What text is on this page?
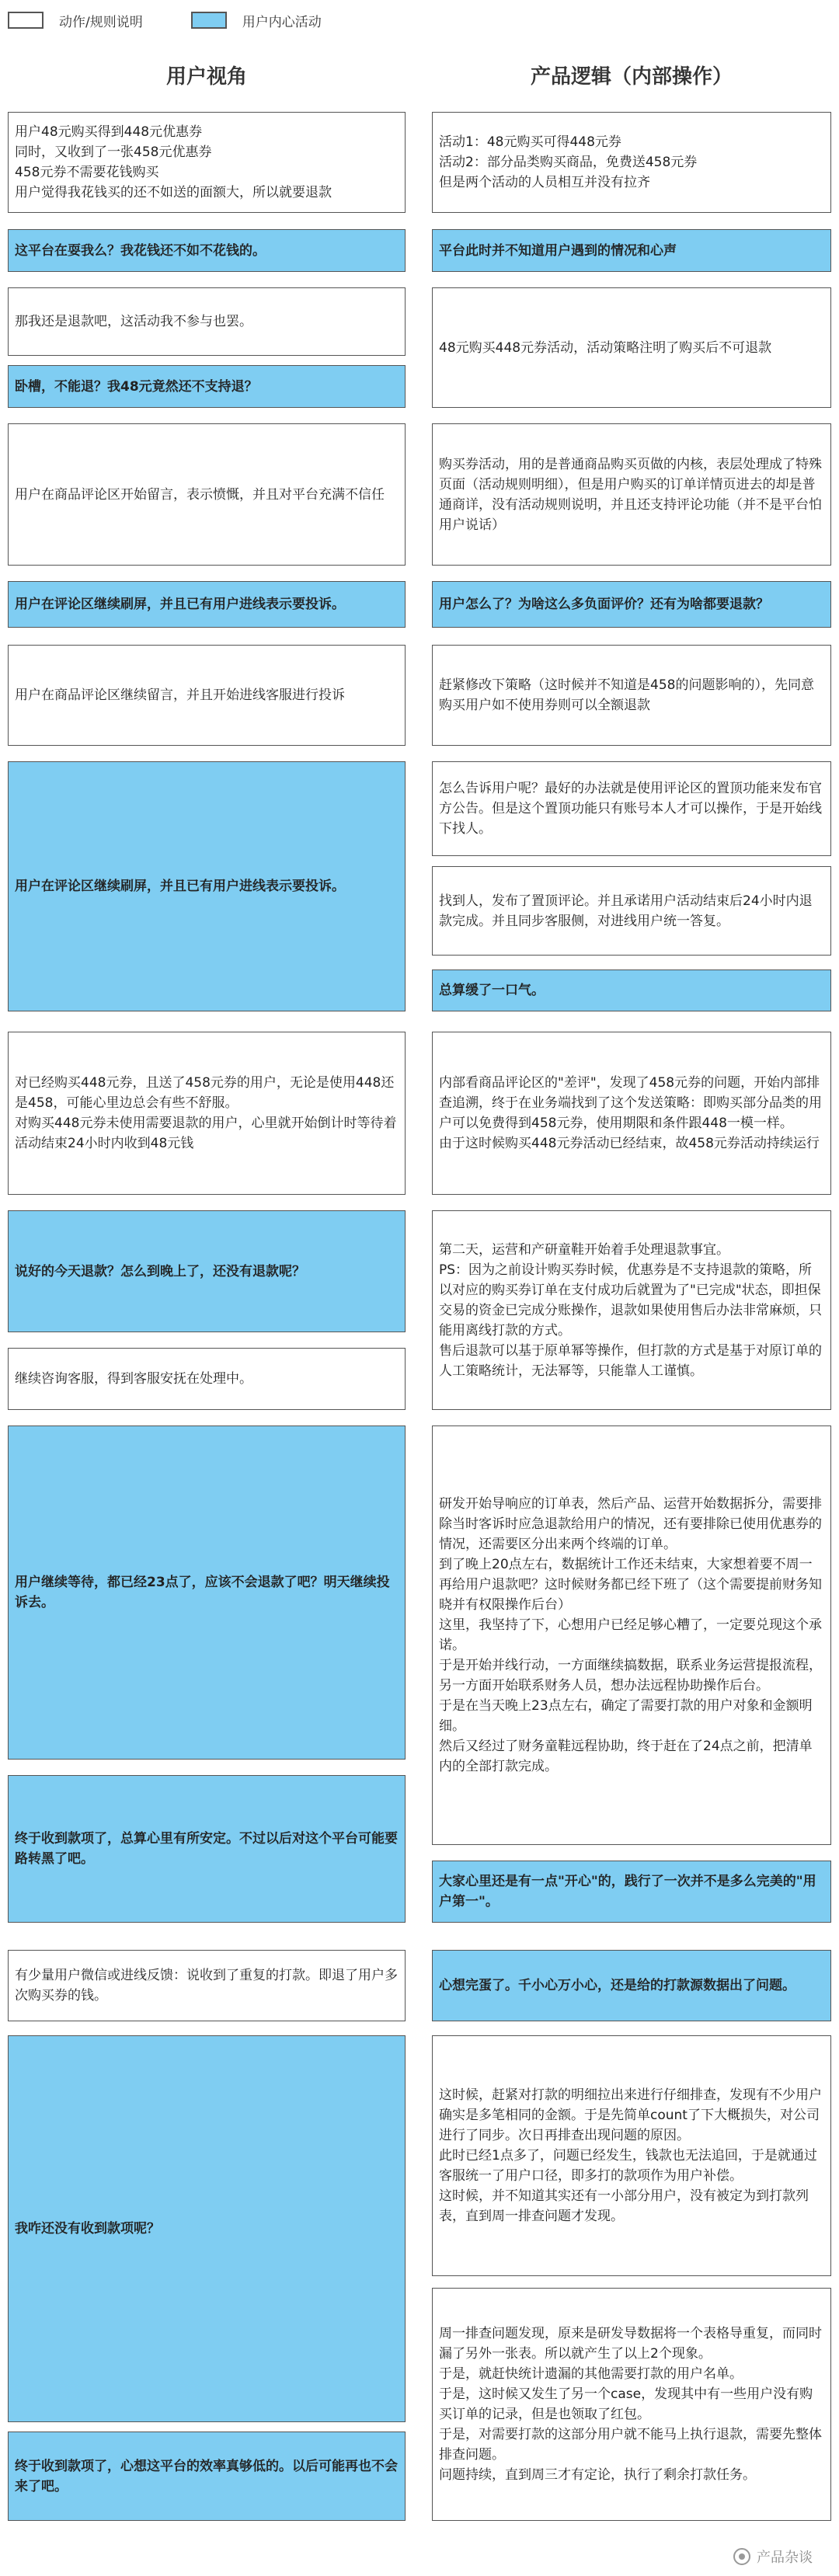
动作/规则说明	用户内心活动
用户视角	产品逻辑（内部操作）
用户48元购买得到448元优惠券
同时，又收到了一张458元优惠券
458元券不需要花钱购买
用户觉得我花钱买的还不如送的面额大，所以就要退款
这平台在耍我么？我花钱还不如不花钱的。
那我还是退款吧，这活动我不参与也罢。
卧槽，不能退？我48元竟然还不支持退？
用户在商品评论区开始留言，表示愤慨，并且对平台充满不信任
用户在评论区继续刷屏，并且已有用户进线表示要投诉。
用户在商品评论区继续留言，并且开始进线客服进行投诉
用户在评论区继续刷屏，并且已有用户进线表示要投诉。
对已经购买448元券，且送了458元券的用户，无论是使用448还是458，可能心里边总会有些不舒服。
对购买448元券未使用需要退款的用户，心里就开始倒计时等待着活动结束24小时内收到48元钱
说好的今天退款？怎么到晚上了，还没有退款呢？
继续咨询客服，得到客服安抚在处理中。
用户继续等待，都已经23点了，应该不会退款了吧？明天继续投诉去。
终于收到款项了，总算心里有所安定。不过以后对这个平台可能要路转黑了吧。
有少量用户微信或进线反馈：说收到了重复的打款。即退了用户多次购买券的钱。
我咋还没有收到款项呢？
终于收到款项了，心想这平台的效率真够低的。以后可能再也不会来了吧。
活动1：48元购买可得448元券
活动2：部分品类购买商品，免费送458元券
但是两个活动的人员相互并没有拉齐
平台此时并不知道用户遇到的情况和心声
48元购买448元券活动，活动策略注明了购买后不可退款
购买券活动，用的是普通商品购买页做的内核，表层处理成了特殊页面（活动规则明细），但是用户购买的订单详情页进去的却是普通商详，没有活动规则说明，并且还支持评论功能（并不是平台怕用户说话）
用户怎么了？为啥这么多负面评价？还有为啥都要退款？
赶紧修改下策略（这时候并不知道是458的问题影响的），先同意购买用户如不使用券则可以全额退款
怎么告诉用户呢？最好的办法就是使用评论区的置顶功能来发布官方公告。但是这个置顶功能只有账号本人才可以操作，于是开始线下找人。
找到人，发布了置顶评论。并且承诺用户活动结束后24小时内退款完成。并且同步客服侧，对进线用户统一答复。
总算缓了一口气。
内部看商品评论区的"差评"，发现了458元券的问题，开始内部排查追溯，终于在业务端找到了这个发送策略：即购买部分品类的用户可以免费得到458元券，使用期限和条件跟448一模一样。
由于这时候购买448元券活动已经结束，故458元券活动持续运行
第二天，运营和产研童鞋开始着手处理退款事宜。
PS：因为之前设计购买券时候，优惠券是不支持退款的策略，所以对应的购买券订单在支付成功后就置为了"已完成"状态，即担保交易的资金已完成分账操作，退款如果使用售后办法非常麻烦，只能用离线打款的方式。
售后退款可以基于原单幂等操作，但打款的方式是基于对原订单的人工策略统计，无法幂等，只能靠人工谨慎。
研发开始导响应的订单表，然后产品、运营开始数据拆分，需要排除当时客诉时应急退款给用户的情况，还有要排除已使用优惠券的情况，还需要区分出来两个终端的订单。
到了晚上20点左右，数据统计工作还未结束，大家想着要不周一再给用户退款吧？这时候财务都已经下班了（这个需要提前财务知晓并有权限操作后台）
这里，我坚持了下，心想用户已经足够心糟了，一定要兑现这个承诺。
于是开始并线行动，一方面继续搞数据，联系业务运营提报流程，另一方面开始联系财务人员，想办法远程协助操作后台。
于是在当天晚上23点左右，确定了需要打款的用户对象和金额明细。
然后又经过了财务童鞋远程协助，终于赶在了24点之前，把清单内的全部打款完成。
大家心里还是有一点"开心"的，践行了一次并不是多么完美的"用户第一"。
心想完蛋了。千小心万小心，还是给的打款源数据出了问题。
这时候，赶紧对打款的明细拉出来进行仔细排查，发现有不少用户确实是多笔相同的金额。于是先简单count了下大概损失，对公司进行了同步。次日再排查出现问题的原因。
此时已经1点多了，问题已经发生，钱款也无法追回，于是就通过客服统一了用户口径，即多打的款项作为用户补偿。
这时候，并不知道其实还有一小部分用户，没有被定为到打款列表，直到周一排查问题才发现。
周一排查问题发现，原来是研发导数据将一个表格导重复，而同时漏了另外一张表。所以就产生了以上2个现象。
于是，就赶快统计遗漏的其他需要打款的用户名单。
于是，这时候又发生了另一个case，发现其中有一些用户没有购买订单的记录，但是也领取了红包。
于是，对需要打款的这部分用户就不能马上执行退款，需要先整体排查问题。
问题持续，直到周三才有定论，执行了剩余打款任务。
产品杂谈
